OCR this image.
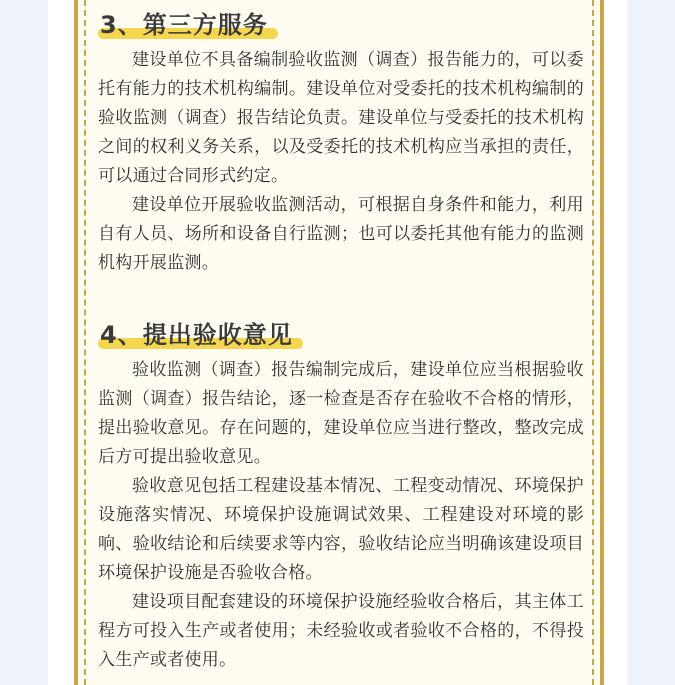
3、第三方服务

建设单位不具备编制验收监测（调查）报告能力的，可以委托有能力的技术机构编制。建设单位对受委托的技术机构编制的验收监测（调查）报告结论负责。建设单位与受委托的技术机构之间的权利义务关系，以及受委托的技术机构应当承担的责任，可以通过合同形式约定。

建设单位开展验收监测活动，可根据自身条件和能力，利用自有人员、场所和设备自行监测；也可以委托其他有能力的监测机构开展监测。

4、提出验收意见

验收监测（调查）报告编制完成后，建设单位应当根据验收监测（调查）报告结论，逐一检查是否存在验收不合格的情形，提出验收意见。存在问题的，建设单位应当进行整改，整改完成后方可提出验收意见。

验收意见包括工程建设基本情况、工程变动情况、环境保护设施落实情况、环境保护设施调试效果、工程建设对环境的影响、验收结论和后续要求等内容，验收结论应当明确该建设项目环境保护设施是否验收合格。

建设项目配套建设的环境保护设施经验收合格后，其主体工程方可投入生产或者使用；未经验收或者验收不合格的，不得投入生产或者使用。
